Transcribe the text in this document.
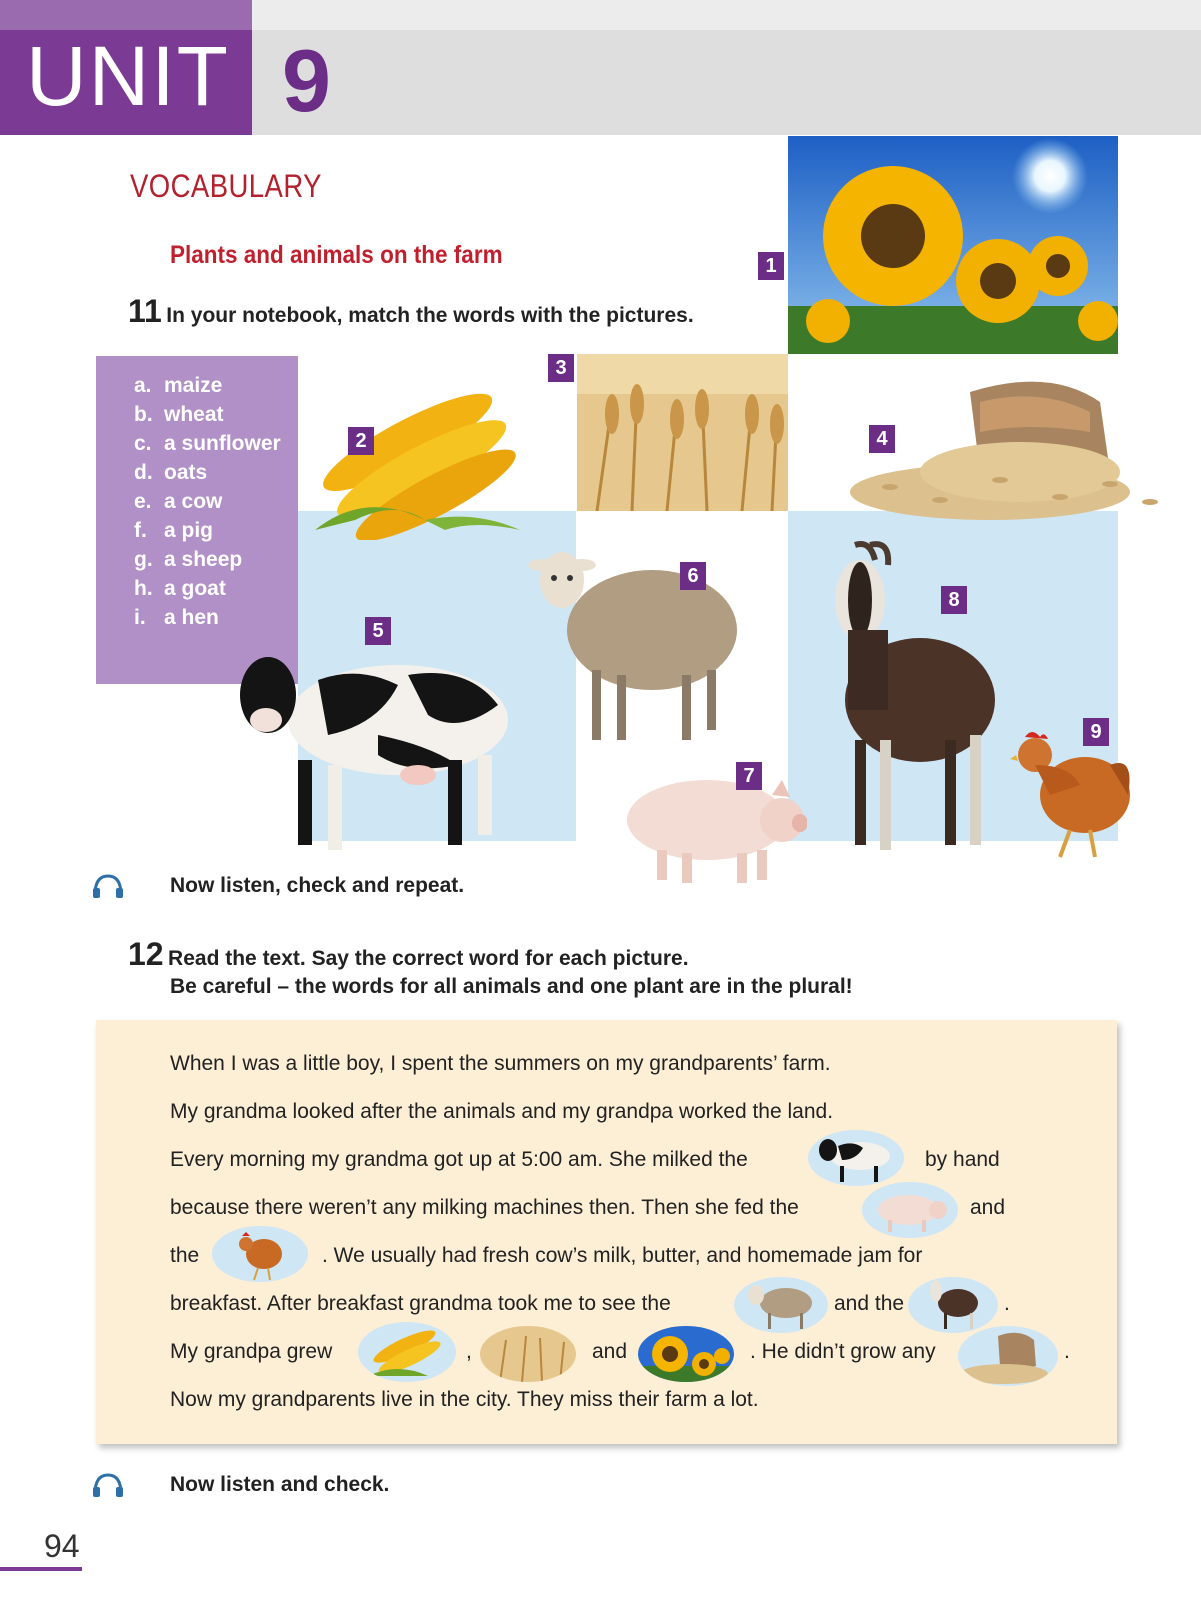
UNIT 9
VOCABULARY
Plants and animals on the farm
11 In your notebook, match the words with the pictures.
1
3
a. maize
b. wheat
c. a sunflower
d. oats
e. a cow
f. a pig
g. a sheep
h. a goat
i. a hen
2	4
6
8
5
7
9
Now listen, check and repeat.
12 Read the text. Say the correct word for each picture.
Be careful – the words for all animals and one plant are in the plural!
When I was a little boy, I spent the summers on my grandparents’ farm.
My grandma looked after the animals and my grandpa worked the land.
Every morning my grandma got up at 5:00 am. She milked the	by hand
because there weren’t any milking machines then. Then she fed the	and
the	. We usually had fresh cow’s milk, butter, and homemade jam for
breakfast. After breakfast grandma took me to see the	and the	.
My grandpa grew	,	and	. He didn’t grow any	.
Now my grandparents live in the city. They miss their farm a lot.
Now listen and check.
94
